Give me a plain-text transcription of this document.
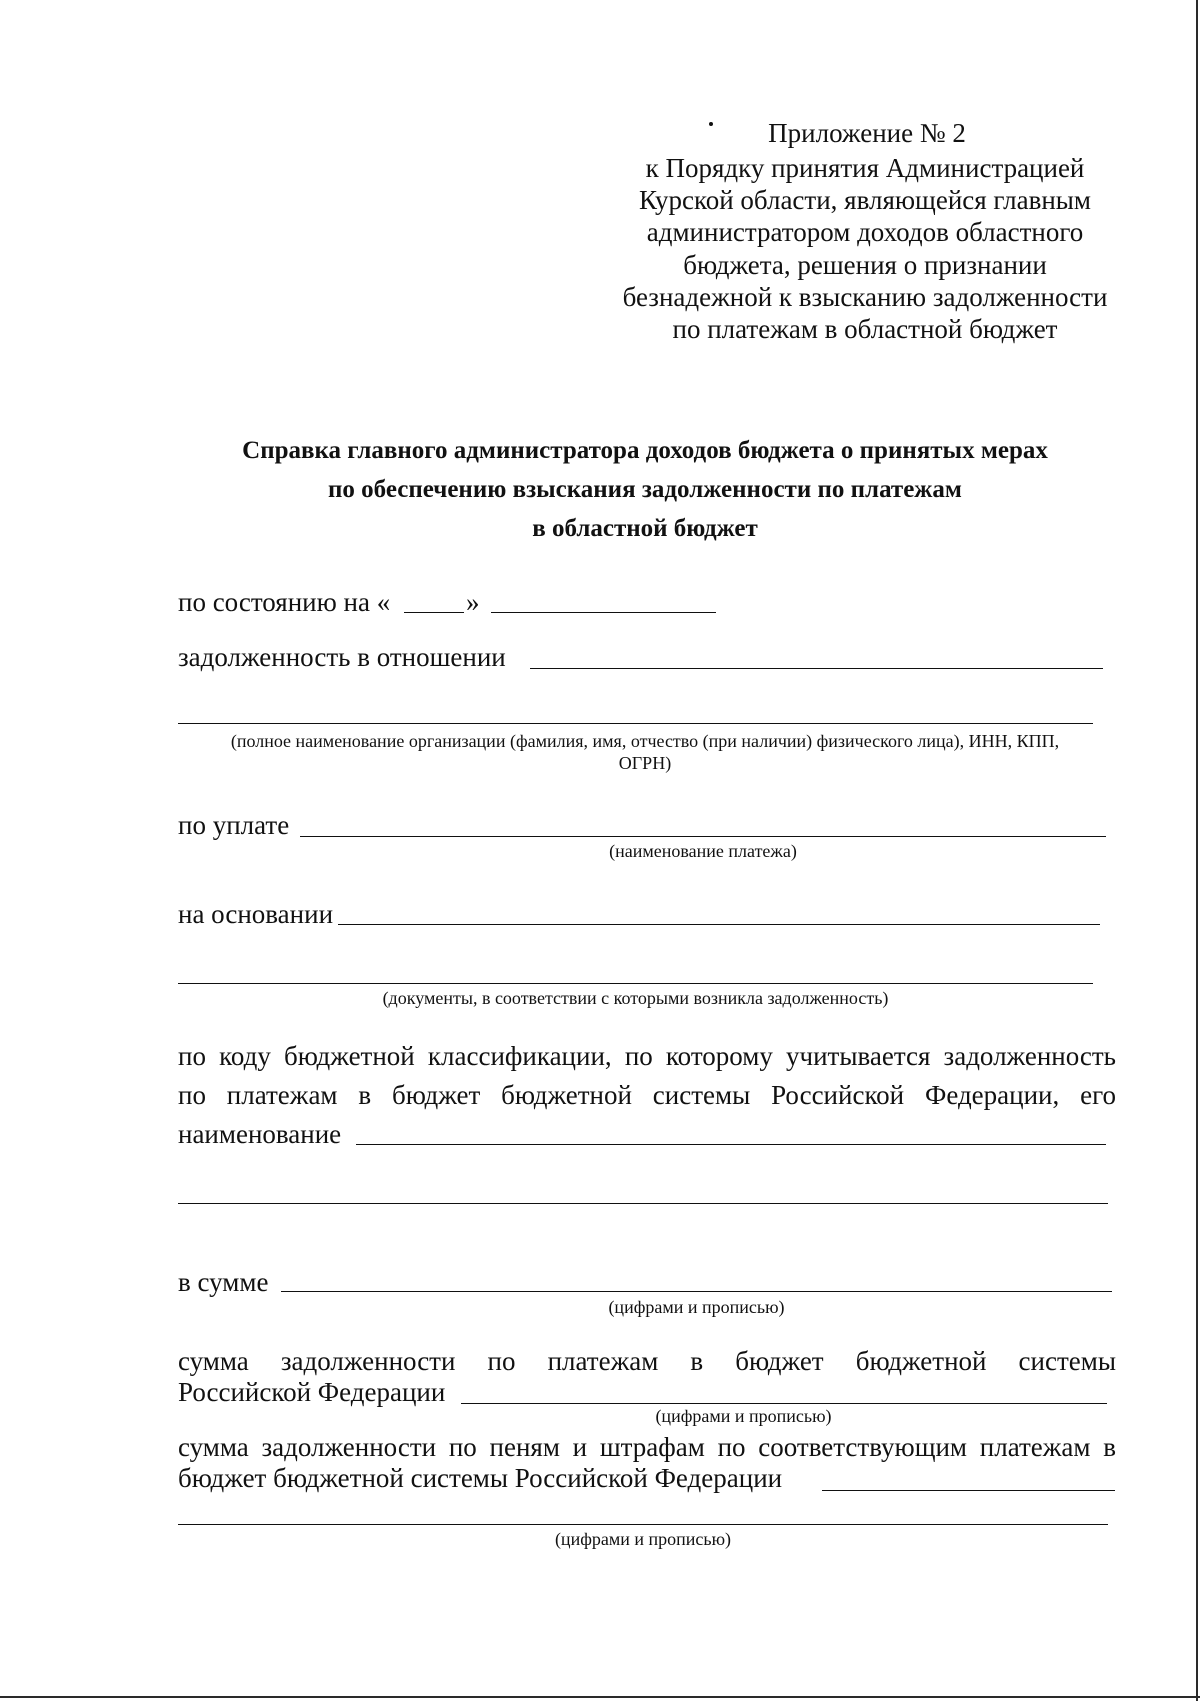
Приложение № 2
к Порядку принятия Администрацией
Курской области, являющейся главным
администратором доходов областного
бюджета, решения о признании
безнадежной к взысканию задолженности
по платежам в областной бюджет
Справка главного администратора доходов бюджета о принятых мерах
по обеспечению взыскания задолженности по платежам
в областной бюджет
по состоянию на «	»
задолженность в отношении
(полное наименование организации (фамилия, имя, отчество (при наличии) физического лица), ИНН, КПП,
ОГРН)
по уплате
(наименование платежа)
на основании
(документы, в соответствии с которыми возникла задолженность)
по коду бюджетной классификации, по которому учитывается задолженность
по платежам в бюджет бюджетной системы Российской Федерации, его
наименование
в сумме
(цифрами и прописью)
сумма задолженности по платежам в бюджет бюджетной системы
Российской Федерации
(цифрами и прописью)
сумма задолженности по пеням и штрафам по соответствующим платежам в
бюджет бюджетной системы Российской Федерации
(цифрами и прописью)
